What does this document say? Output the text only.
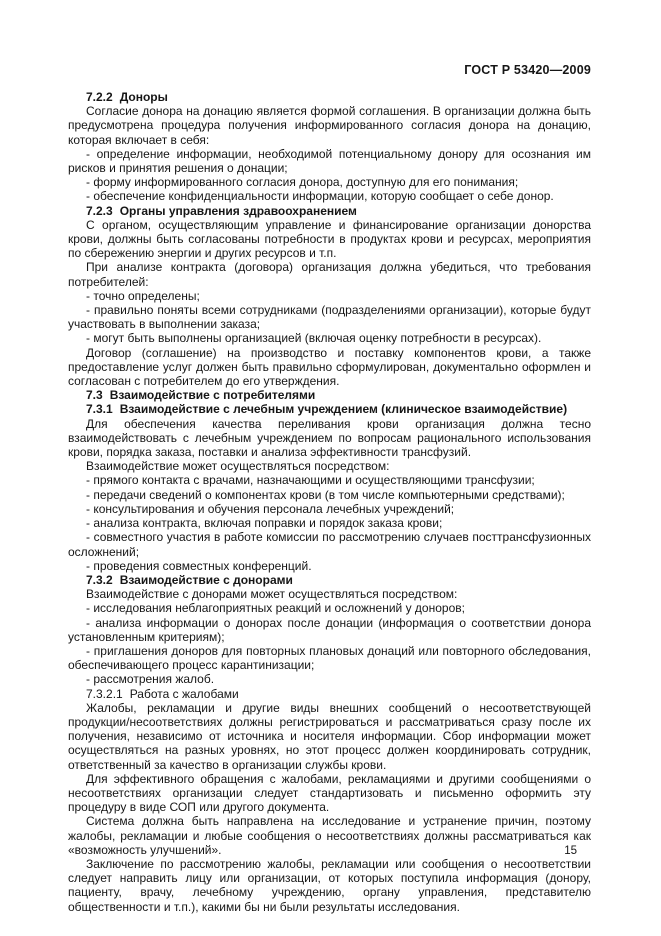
ГОСТ Р 53420—2009

7.2.2 Доноры

Согласие донора на донацию является формой соглашения. В организации должна быть предусмотрена процедура получения информированного согласия донора на донацию, которая включает в себя:

- определение информации, необходимой потенциальному донору для осознания им рисков и принятия решения о донации;

- форму информированного согласия донора, доступную для его понимания;

- обеспечение конфиденциальности информации, которую сообщает о себе донор.

7.2.3 Органы управления здравоохранением

С органом, осуществляющим управление и финансирование организации донорства крови, должны быть согласованы потребности в продуктах крови и ресурсах, мероприятия по сбережению энергии и других ресурсов и т.п.

При анализе контракта (договора) организация должна убедиться, что требования потребителей:

- точно определены;

- правильно поняты всеми сотрудниками (подразделениями организации), которые будут участвовать в выполнении заказа;

- могут быть выполнены организацией (включая оценку потребности в ресурсах).

Договор (соглашение) на производство и поставку компонентов крови, а также предоставление услуг должен быть правильно сформулирован, документально оформлен и согласован с потребителем до его утверждения.

7.3 Взаимодействие с потребителями

7.3.1 Взаимодействие с лечебным учреждением (клиническое взаимодействие)

Для обеспечения качества переливания крови организация должна тесно взаимодействовать с лечебным учреждением по вопросам рационального использования крови, порядка заказа, поставки и анализа эффективности трансфузий.

Взаимодействие может осуществляться посредством:

- прямого контакта с врачами, назначающими и осуществляющими трансфузии;

- передачи сведений о компонентах крови (в том числе компьютерными средствами);

- консультирования и обучения персонала лечебных учреждений;

- анализа контракта, включая поправки и порядок заказа крови;

- совместного участия в работе комиссии по рассмотрению случаев посттрансфузионных осложнений;

- проведения совместных конференций.

7.3.2 Взаимодействие с донорами

Взаимодействие с донорами может осуществляться посредством:

- исследования неблагоприятных реакций и осложнений у доноров;

- анализа информации о донорах после донации (информация о соответствии донора установленным критериям);

- приглашения доноров для повторных плановых донаций или повторного обследования, обеспечивающего процесс карантинизации;

- рассмотрения жалоб.

7.3.2.1 Работа с жалобами

Жалобы, рекламации и другие виды внешних сообщений о несоответствующей продукции/несоответствиях должны регистрироваться и рассматриваться сразу после их получения, независимо от источника и носителя информации. Сбор информации может осуществляться на разных уровнях, но этот процесс должен координировать сотрудник, ответственный за качество в организации службы крови.

Для эффективного обращения с жалобами, рекламациями и другими сообщениями о несоответствиях организации следует стандартизовать и письменно оформить эту процедуру в виде СОП или другого документа.

Система должна быть направлена на исследование и устранение причин, поэтому жалобы, рекламации и любые сообщения о несоответствиях должны рассматриваться как «возможность улучшений».

Заключение по рассмотрению жалобы, рекламации или сообщения о несоответствии следует направить лицу или организации, от которых поступила информация (донору, пациенту, врачу, лечебному учреждению, органу управления, представителю общественности и т.п.), какими бы ни были результаты исследования.

15
